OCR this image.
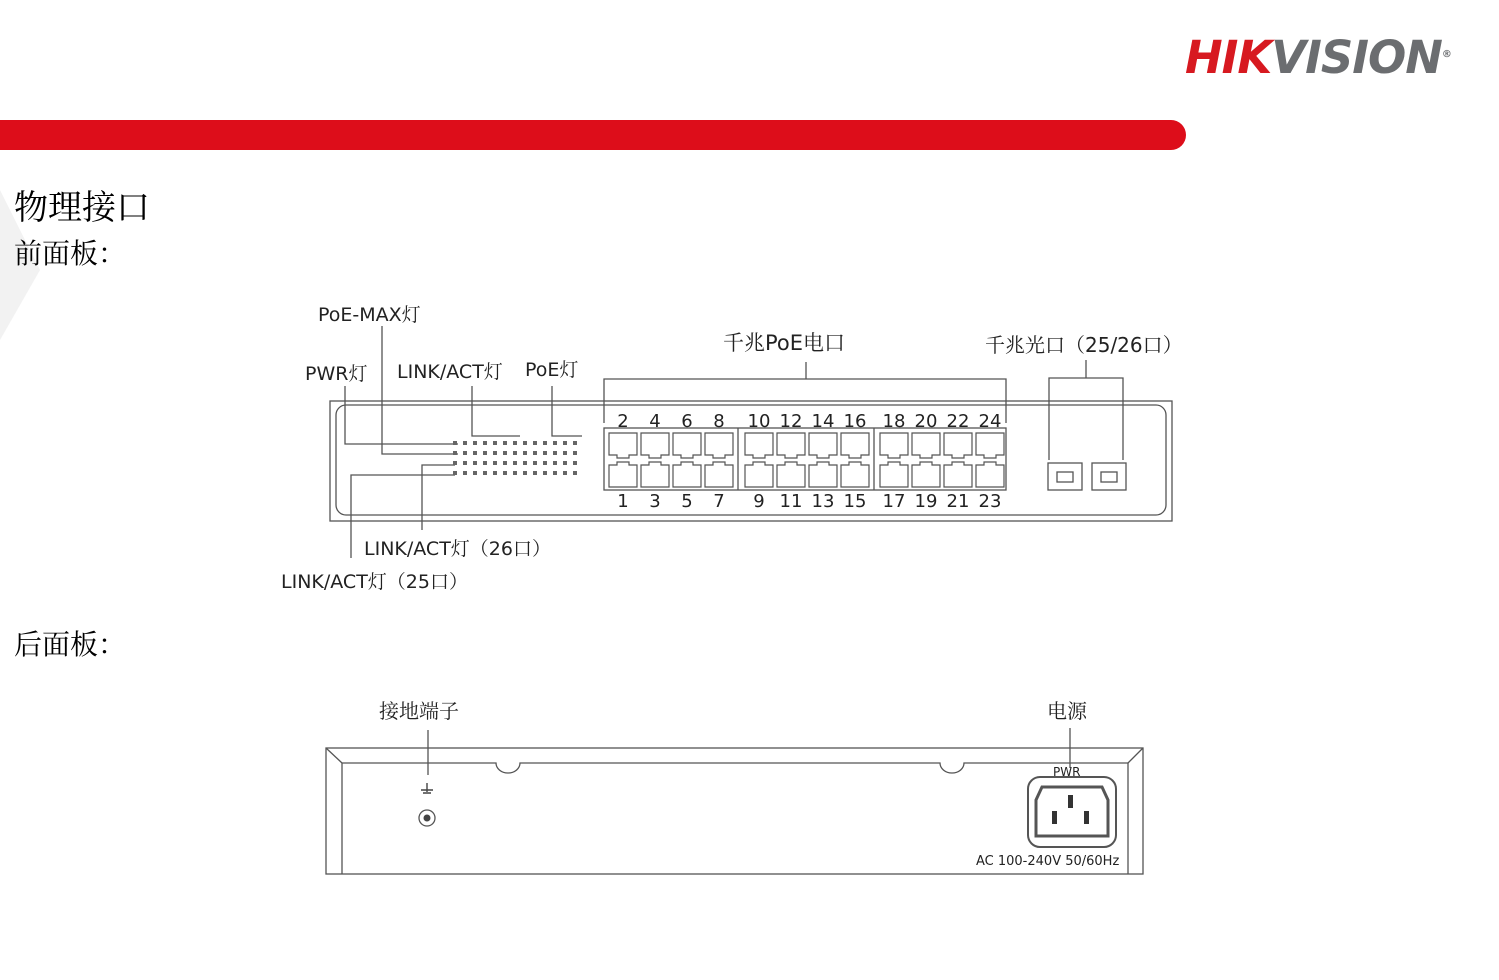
HIKVISION®
物理接口
前面板：
后面板：
PoE-MAX灯
PWR灯 LINK/ACT灯 PoE灯
千兆PoE电口	千兆光口（25/26口）
LINK/ACT灯（26口）
LINK/ACT灯（25口）
接地端子	电源
PWR
AC 100-240V 50/60Hz
2 4 6 8 10 12 14 16 18 20 22 24
1 3 5 7 9 11 13 15 17 19 21 23
